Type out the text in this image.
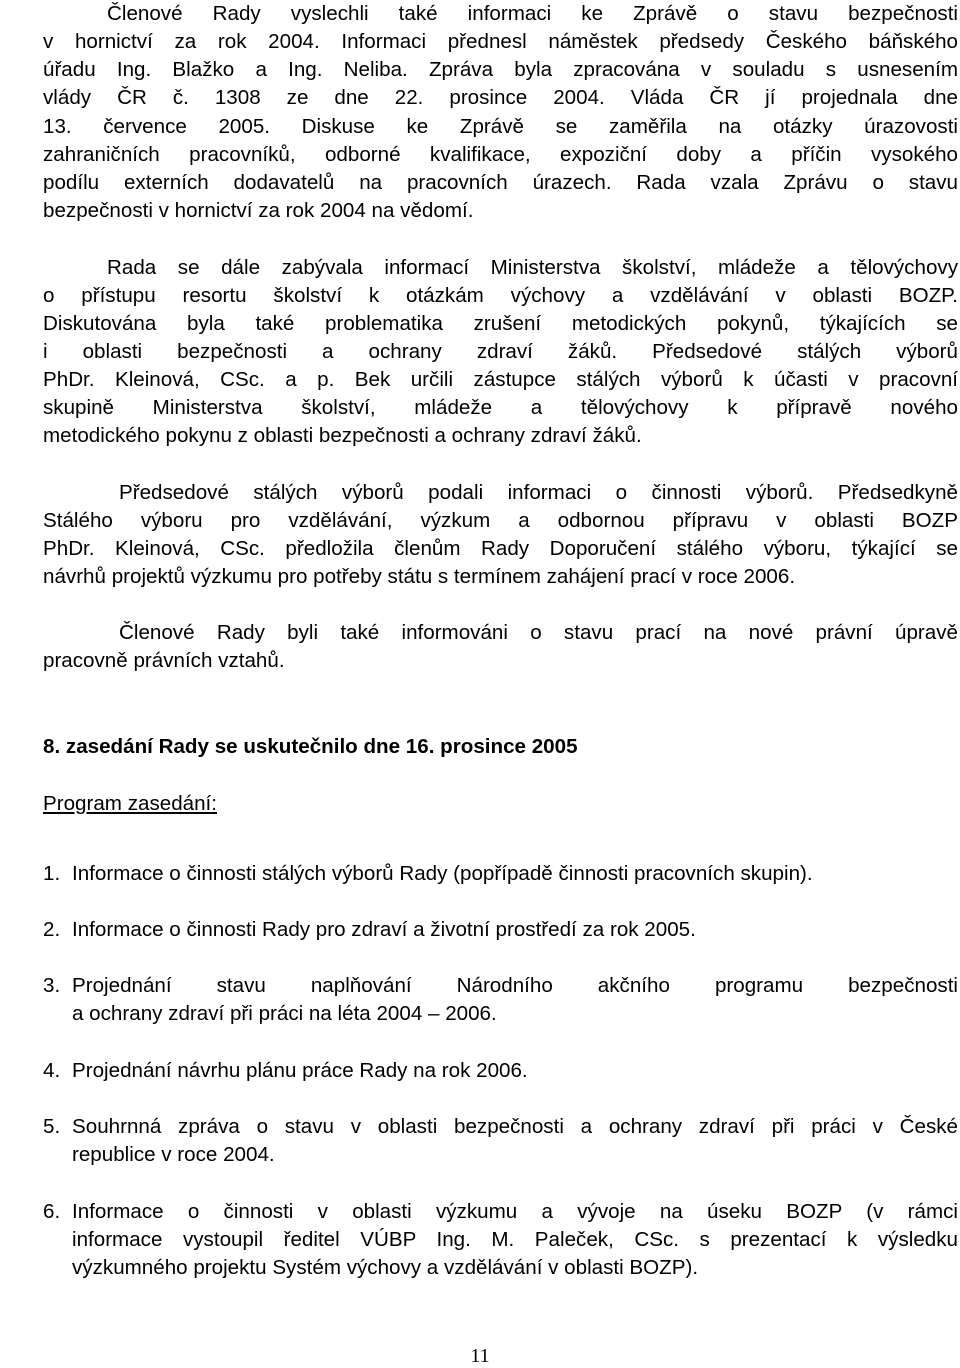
Členové Rady vyslechli také informaci ke Zprávě o stavu bezpečnosti
v hornictví za rok 2004. Informaci přednesl náměstek předsedy Českého báňského
úřadu Ing. Blažko a Ing. Neliba. Zpráva byla zpracována v souladu s usnesením
vlády ČR č. 1308 ze dne 22. prosince 2004. Vláda ČR jí projednala dne
13. července 2005. Diskuse ke Zprávě se zaměřila na otázky úrazovosti
zahraničních pracovníků, odborné kvalifikace, expoziční doby a příčin vysokého
podílu externích dodavatelů na pracovních úrazech. Rada vzala Zprávu o stavu
bezpečnosti v hornictví za rok 2004 na vědomí.
Rada se dále zabývala informací Ministerstva školství, mládeže a tělovýchovy
o přístupu resortu školství k otázkám výchovy a vzdělávání v oblasti BOZP.
Diskutována byla také problematika zrušení metodických pokynů, týkajících se
i oblasti bezpečnosti a ochrany zdraví žáků. Předsedové stálých výborů
PhDr. Kleinová, CSc. a p. Bek určili zástupce stálých výborů k účasti v pracovní
skupině Ministerstva školství, mládeže a tělovýchovy k přípravě nového
metodického pokynu z oblasti bezpečnosti a ochrany zdraví žáků.
Předsedové stálých výborů podali informaci o činnosti výborů. Předsedkyně
Stálého výboru pro vzdělávání, výzkum a odbornou přípravu v oblasti BOZP
PhDr. Kleinová, CSc. předložila členům Rady Doporučení stálého výboru, týkající se
návrhů projektů výzkumu pro potřeby státu s termínem zahájení prací v roce 2006.
Členové Rady byli také informováni o stavu prací na nové právní úpravě
pracovně právních vztahů.
8. zasedání Rady se uskutečnilo dne 16. prosince 2005
Program zasedání:
1. Informace o činnosti stálých výborů Rady (popřípadě činnosti pracovních skupin).
2. Informace o činnosti Rady pro zdraví a životní prostředí za rok 2005.
3. Projednání stavu naplňování Národního akčního programu bezpečnosti
a ochrany zdraví při práci na léta 2004 – 2006.
4. Projednání návrhu plánu práce Rady na rok 2006.
5. Souhrnná zpráva o stavu v oblasti bezpečnosti a ochrany zdraví při práci v České
republice v roce 2004.
6. Informace o činnosti v oblasti výzkumu a vývoje na úseku BOZP (v rámci
informace vystoupil ředitel VÚBP Ing. M. Paleček, CSc. s prezentací k výsledku
výzkumného projektu Systém výchovy a vzdělávání v oblasti BOZP).
11
